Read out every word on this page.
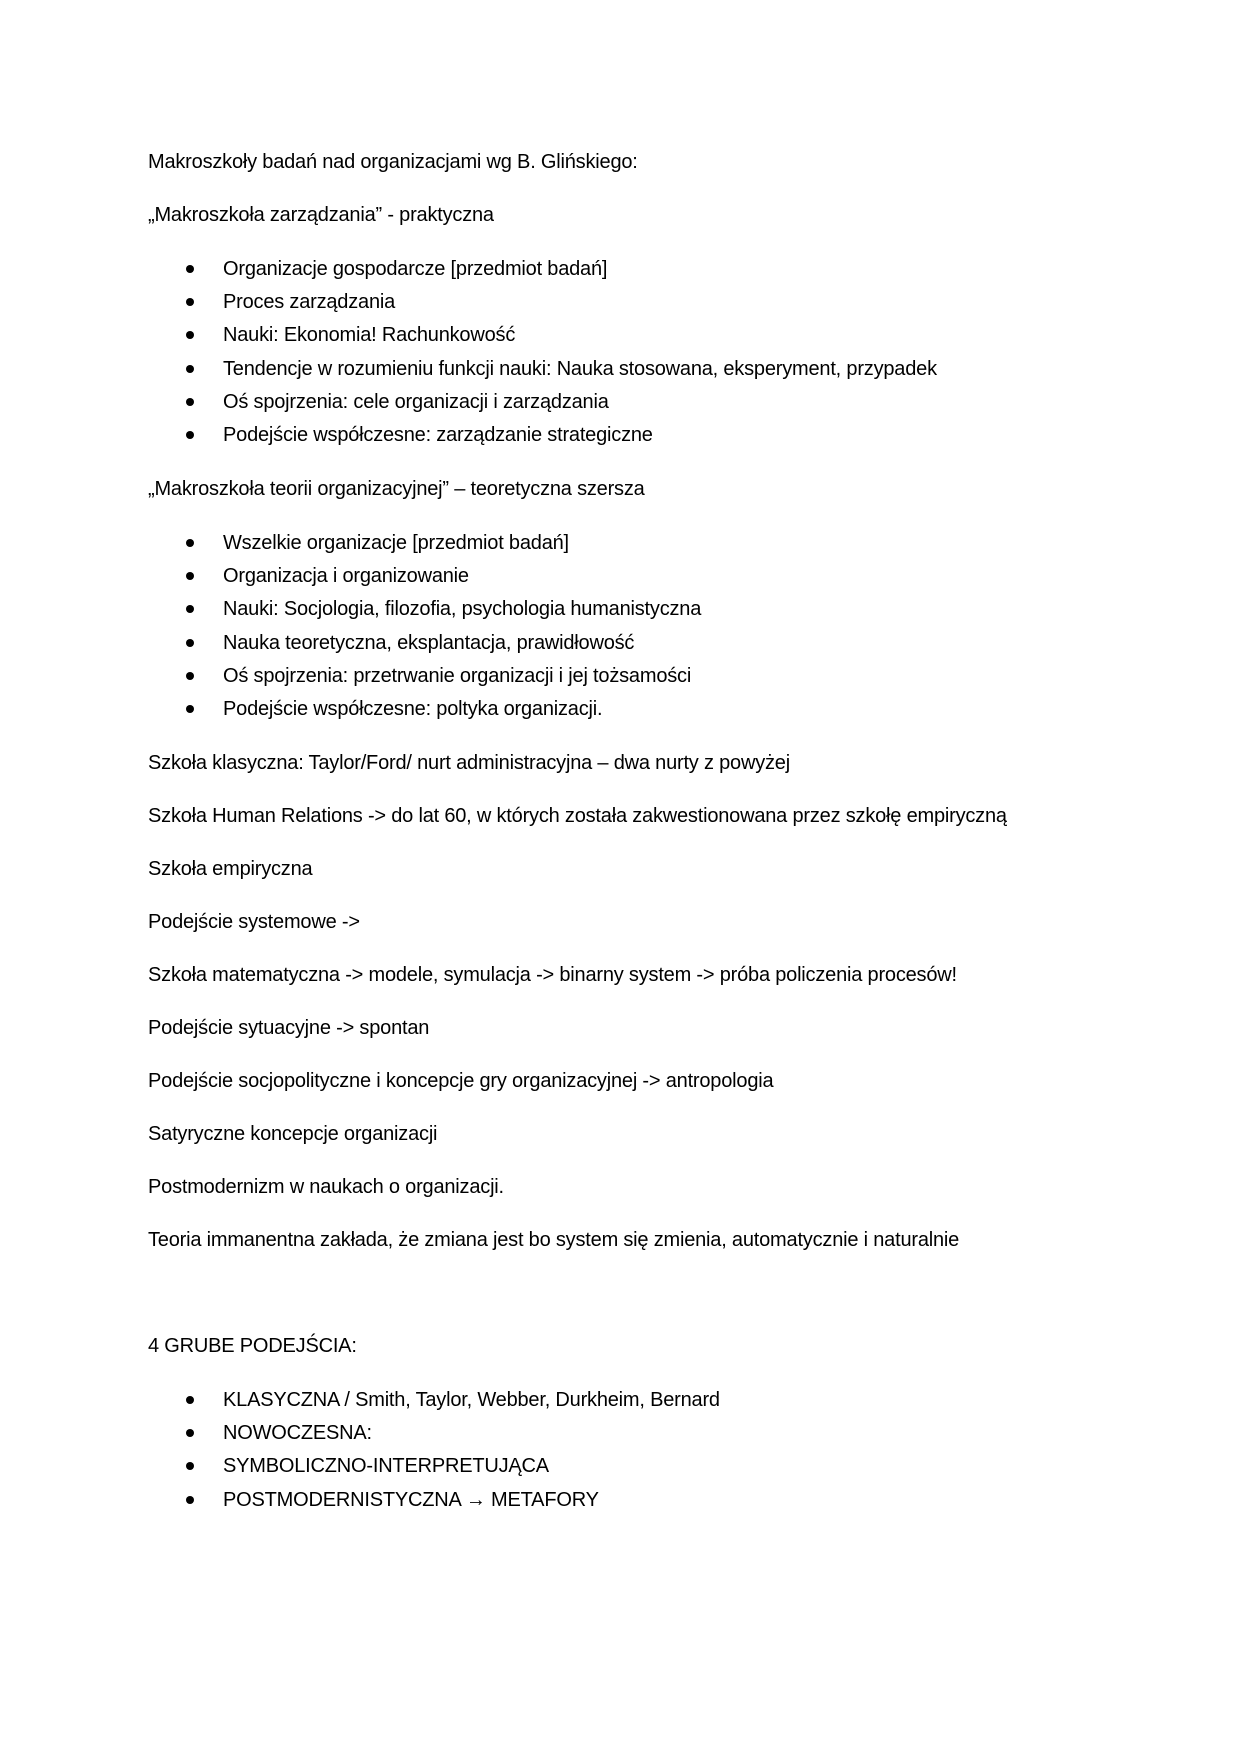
Makroszkoły badań nad organizacjami wg B. Glińskiego:
„Makroszkoła zarządzania” - praktyczna
Organizacje gospodarcze [przedmiot badań]
Proces zarządzania
Nauki: Ekonomia! Rachunkowość
Tendencje w rozumieniu funkcji nauki: Nauka stosowana, eksperyment, przypadek
Oś spojrzenia: cele organizacji i zarządzania
Podejście współczesne: zarządzanie strategiczne
„Makroszkoła teorii organizacyjnej” – teoretyczna szersza
Wszelkie organizacje [przedmiot badań]
Organizacja i organizowanie
Nauki: Socjologia, filozofia, psychologia humanistyczna
Nauka teoretyczna, eksplantacja, prawidłowość
Oś spojrzenia: przetrwanie organizacji i jej tożsamości
Podejście współczesne: poltyka organizacji.
Szkoła klasyczna: Taylor/Ford/ nurt administracyjna – dwa nurty z powyżej
Szkoła Human Relations -> do lat 60, w których została zakwestionowana przez szkołę empiryczną
Szkoła empiryczna
Podejście systemowe ->
Szkoła matematyczna -> modele, symulacja -> binarny system -> próba policzenia procesów!
Podejście sytuacyjne -> spontan
Podejście socjopolityczne i koncepcje gry organizacyjnej -> antropologia
Satyryczne koncepcje organizacji
Postmodernizm w naukach o organizacji.
Teoria immanentna zakłada, że zmiana jest bo system się zmienia, automatycznie i naturalnie
4 GRUBE PODEJŚCIA:
KLASYCZNA / Smith, Taylor, Webber, Durkheim, Bernard
NOWOCZESNA:
SYMBOLICZNO-INTERPRETUJĄCA
POSTMODERNISTYCZNA → METAFORY
